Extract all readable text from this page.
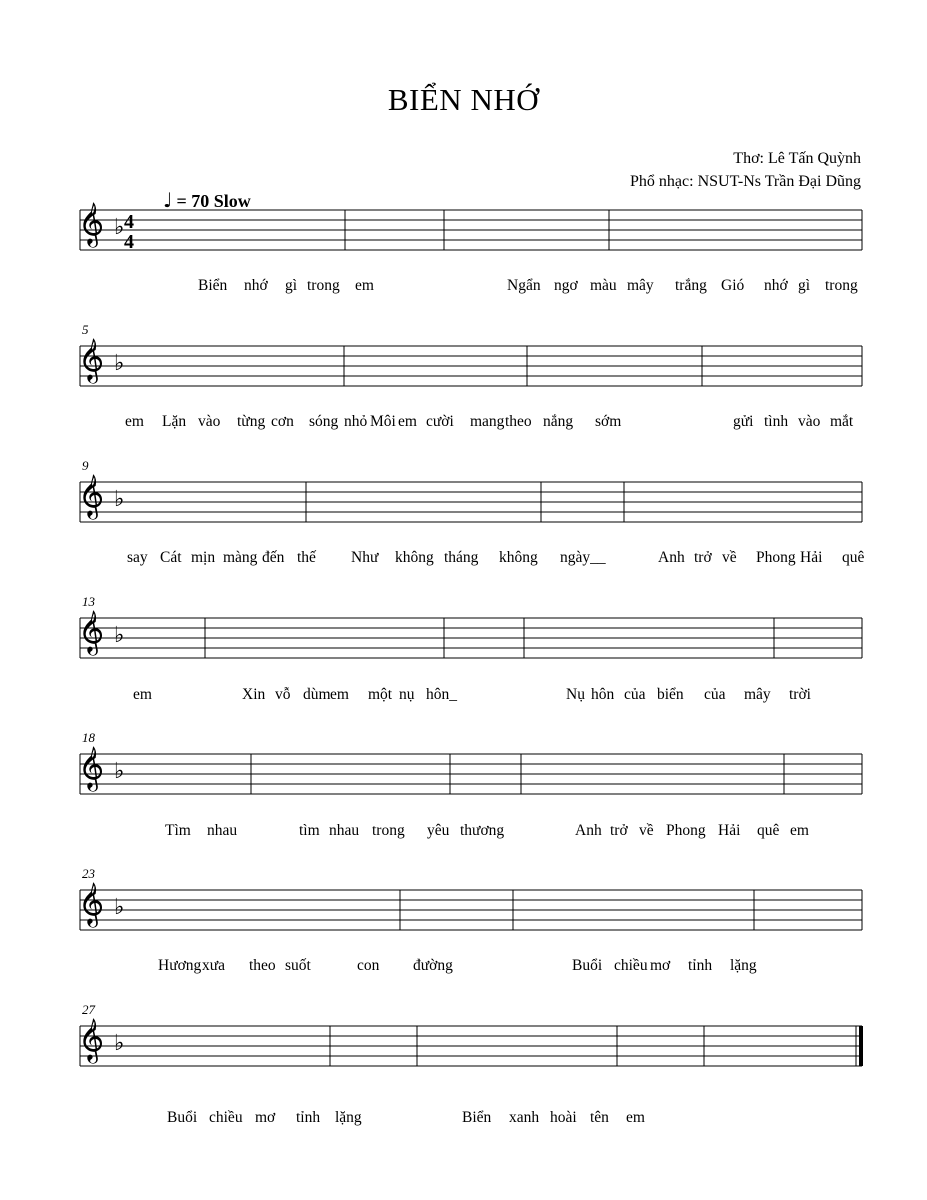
BIỂN NHỚ
Thơ: Lê Tấn Quỳnh
Phổ nhạc: NSUT-Ns Trần Đại Dũng
♩ = 70 Slow
♭ 4
4
♭
5
♭
9
♭
13
♭
18
♭
23
♭
27
Biển nhớ gì trong em	Ngẩn ngơ màu mây trắng Gió nhớ gì trong
em Lặn vào từng cơn sóng nhỏ Môi em cười mang theo nắng sớm	gửi tình vào mắt
say Cát mịn màng đến thế Như không tháng không ngày__	Anh trở về Phong Hải quê
em	Xin vỗ dùm em một nụ hôn_	Nụ hôn của biển của mây trời
Tìm nhau	tìm nhau trong yêu thương	Anh trở về Phong Hải quê em
Hương xưa theo suốt	con đường	Buổi chiều mơ tỉnh lặng
Buổi chiều mơ tỉnh lặng	Biển xanh hoài tên em
